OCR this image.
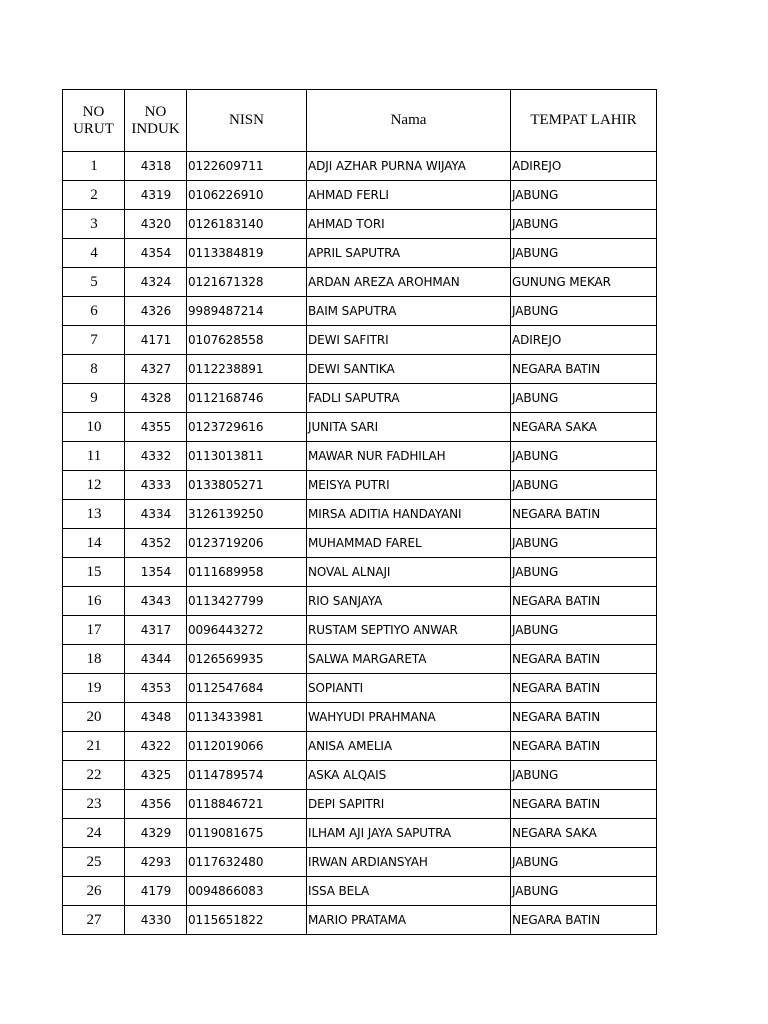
NO URUT	NO INDUK	NISN	Nama	TEMPAT LAHIR
1	4318	0122609711	ADJI AZHAR PURNA WIJAYA	ADIREJO
2	4319	0106226910	AHMAD FERLI	JABUNG
3	4320	0126183140	AHMAD TORI	JABUNG
4	4354	0113384819	APRIL SAPUTRA	JABUNG
5	4324	0121671328	ARDAN AREZA AROHMAN	GUNUNG MEKAR
6	4326	9989487214	BAIM SAPUTRA	JABUNG
7	4171	0107628558	DEWI SAFITRI	ADIREJO
8	4327	0112238891	DEWI SANTIKA	NEGARA BATIN
9	4328	0112168746	FADLI SAPUTRA	JABUNG
10	4355	0123729616	JUNITA SARI	NEGARA SAKA
11	4332	0113013811	MAWAR NUR FADHILAH	JABUNG
12	4333	0133805271	MEISYA PUTRI	JABUNG
13	4334	3126139250	MIRSA ADITIA HANDAYANI	NEGARA BATIN
14	4352	0123719206	MUHAMMAD FAREL	JABUNG
15	1354	0111689958	NOVAL ALNAJI	JABUNG
16	4343	0113427799	RIO SANJAYA	NEGARA BATIN
17	4317	0096443272	RUSTAM SEPTIYO ANWAR	JABUNG
18	4344	0126569935	SALWA MARGARETA	NEGARA BATIN
19	4353	0112547684	SOPIANTI	NEGARA BATIN
20	4348	0113433981	WAHYUDI PRAHMANA	NEGARA BATIN
21	4322	0112019066	ANISA AMELIA	NEGARA BATIN
22	4325	0114789574	ASKA ALQAIS	JABUNG
23	4356	0118846721	DEPI SAPITRI	NEGARA BATIN
24	4329	0119081675	ILHAM AJI JAYA SAPUTRA	NEGARA SAKA
25	4293	0117632480	IRWAN ARDIANSYAH	JABUNG
26	4179	0094866083	ISSA BELA	JABUNG
27	4330	0115651822	MARIO PRATAMA	NEGARA BATIN
